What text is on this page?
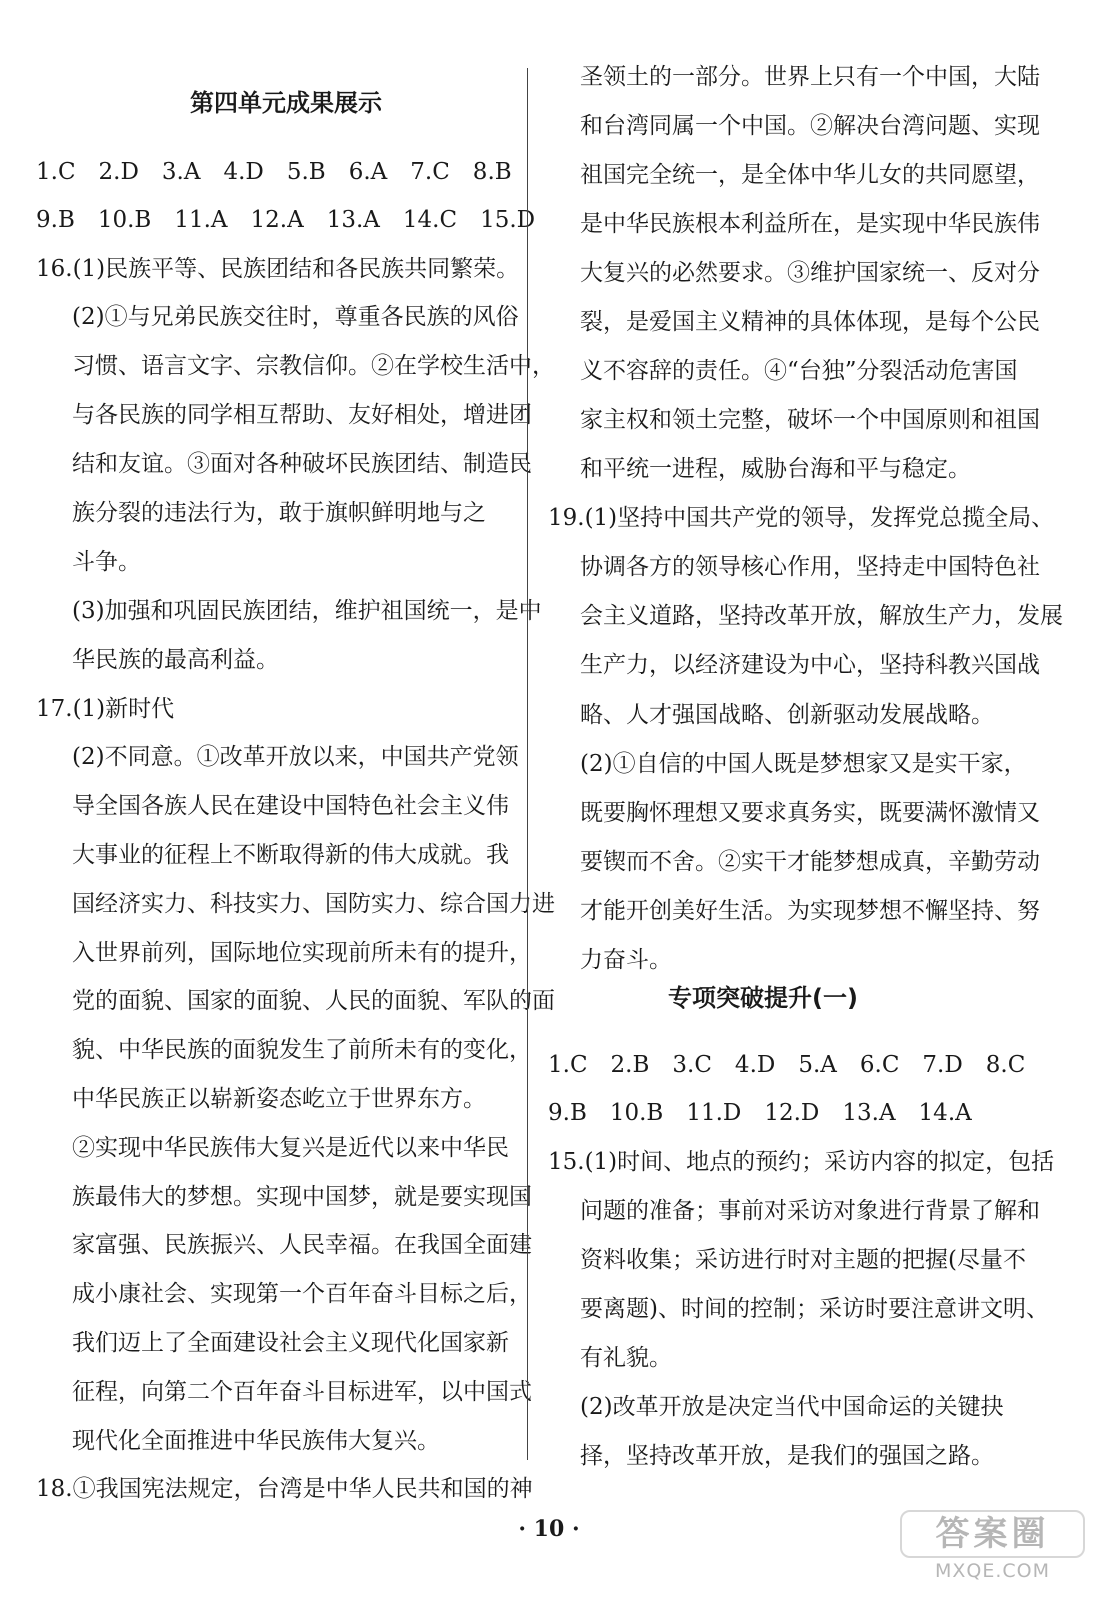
第四单元成果展示
1.C　2.D　3.A　4.D　5.B　6.A　7.C　8.B
9.B　10.B　11.A　12.A　13.A　14.C　15.D
16.(1)民族平等、民族团结和各民族共同繁荣。
(2)①与兄弟民族交往时，尊重各民族的风俗
习惯、语言文字、宗教信仰。②在学校生活中，
与各民族的同学相互帮助、友好相处，增进团
结和友谊。③面对各种破坏民族团结、制造民
族分裂的违法行为，敢于旗帜鲜明地与之
斗争。
(3)加强和巩固民族团结，维护祖国统一，是中
华民族的最高利益。
17.(1)新时代
(2)不同意。①改革开放以来，中国共产党领
导全国各族人民在建设中国特色社会主义伟
大事业的征程上不断取得新的伟大成就。我
国经济实力、科技实力、国防实力、综合国力进
入世界前列，国际地位实现前所未有的提升，
党的面貌、国家的面貌、人民的面貌、军队的面
貌、中华民族的面貌发生了前所未有的变化，
中华民族正以崭新姿态屹立于世界东方。
②实现中华民族伟大复兴是近代以来中华民
族最伟大的梦想。实现中国梦，就是要实现国
家富强、民族振兴、人民幸福。在我国全面建
成小康社会、实现第一个百年奋斗目标之后，
我们迈上了全面建设社会主义现代化国家新
征程，向第二个百年奋斗目标进军，以中国式
现代化全面推进中华民族伟大复兴。
18.①我国宪法规定，台湾是中华人民共和国的神
圣领土的一部分。世界上只有一个中国，大陆
和台湾同属一个中国。②解决台湾问题、实现
祖国完全统一，是全体中华儿女的共同愿望，
是中华民族根本利益所在，是实现中华民族伟
大复兴的必然要求。③维护国家统一、反对分
裂，是爱国主义精神的具体体现，是每个公民
义不容辞的责任。④“台独”分裂活动危害国
家主权和领土完整，破坏一个中国原则和祖国
和平统一进程，威胁台海和平与稳定。
19.(1)坚持中国共产党的领导，发挥党总揽全局、
协调各方的领导核心作用，坚持走中国特色社
会主义道路，坚持改革开放，解放生产力，发展
生产力，以经济建设为中心，坚持科教兴国战
略、人才强国战略、创新驱动发展战略。
(2)①自信的中国人既是梦想家又是实干家，
既要胸怀理想又要求真务实，既要满怀激情又
要锲而不舍。②实干才能梦想成真，辛勤劳动
才能开创美好生活。为实现梦想不懈坚持、努
力奋斗。
专项突破提升(一)
1.C　2.B　3.C　4.D　5.A　6.C　7.D　8.C
9.B　10.B　11.D　12.D　13.A　14.A
15.(1)时间、地点的预约；采访内容的拟定，包括
问题的准备；事前对采访对象进行背景了解和
资料收集；采访进行时对主题的把握(尽量不
要离题)、时间的控制；采访时要注意讲文明、
有礼貌。
(2)改革开放是决定当代中国命运的关键抉
择，坚持改革开放，是我们的强国之路。
· 10 ·	答案圈
MXQE.COM
